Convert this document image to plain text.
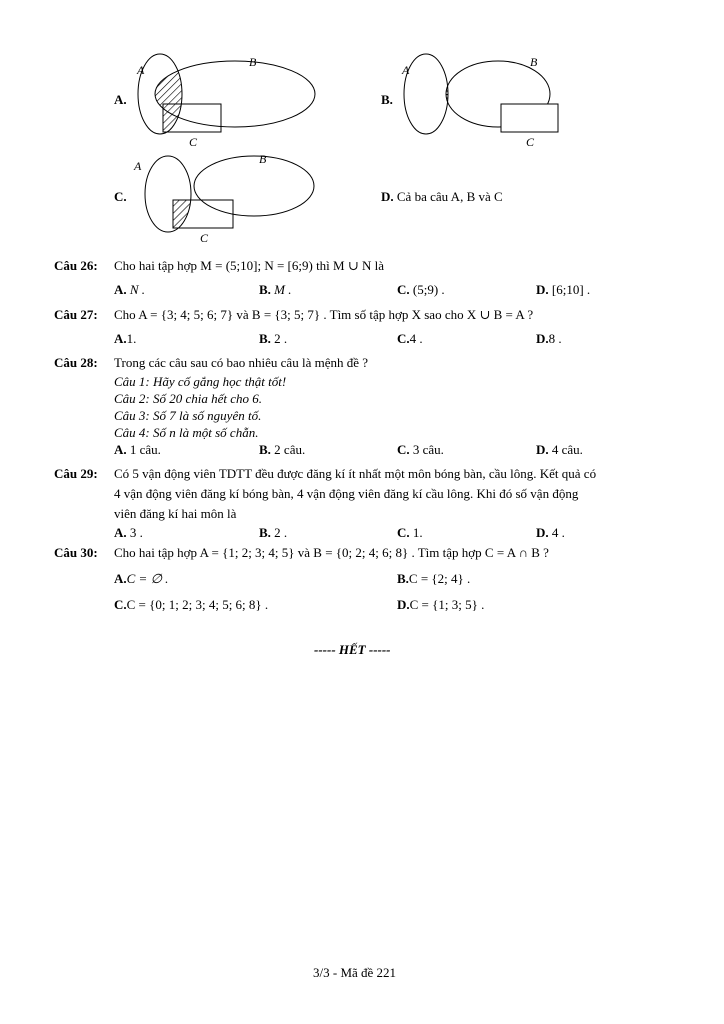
A.
A
B
C
B.
A
B
C
C.
A	B
C
D. Cả ba câu A, B và C
Câu 26: Cho hai tập hợp M = (5;10]; N = [6;9) thì M ∪ N là
A. N .	B. M .	C. (5;9) .	D. [6;10] .
Câu 27: Cho A = {3; 4; 5; 6; 7} và B = {3; 5; 7} . Tìm số tập hợp X sao cho X ∪ B = A ?
A.1.	B. 2 .	C.4 .	D.8 .
Câu 28: Trong các câu sau có bao nhiêu câu là mệnh đề ?
Câu 1: Hãy cố gắng học thật tốt!
Câu 2: Số 20 chia hết cho 6.
Câu 3: Số 7 là số nguyên tố.
Câu 4: Số n là một số chẵn.
A. 1 câu.	B. 2 câu.	C. 3 câu.	D. 4 câu.
Câu 29: Có 5 vận động viên TDTT đều được đăng kí ít nhất một môn bóng bàn, cầu lông. Kết quả có
4 vận động viên đăng kí bóng bàn, 4 vận động viên đăng kí cầu lông. Khi đó số vận động
viên đăng kí hai môn là
A. 3 .	B. 2 .	C. 1.	D. 4 .
Câu 30: Cho hai tập hợp A = {1; 2; 3; 4; 5} và B = {0; 2; 4; 6; 8} . Tìm tập hợp C = A ∩ B ?
A.C = ∅ .	B.C = {2; 4} .
C.C = {0; 1; 2; 3; 4; 5; 6; 8} .	D.C = {1; 3; 5} .
----- HẾT -----
3/3 - Mã đề 221
